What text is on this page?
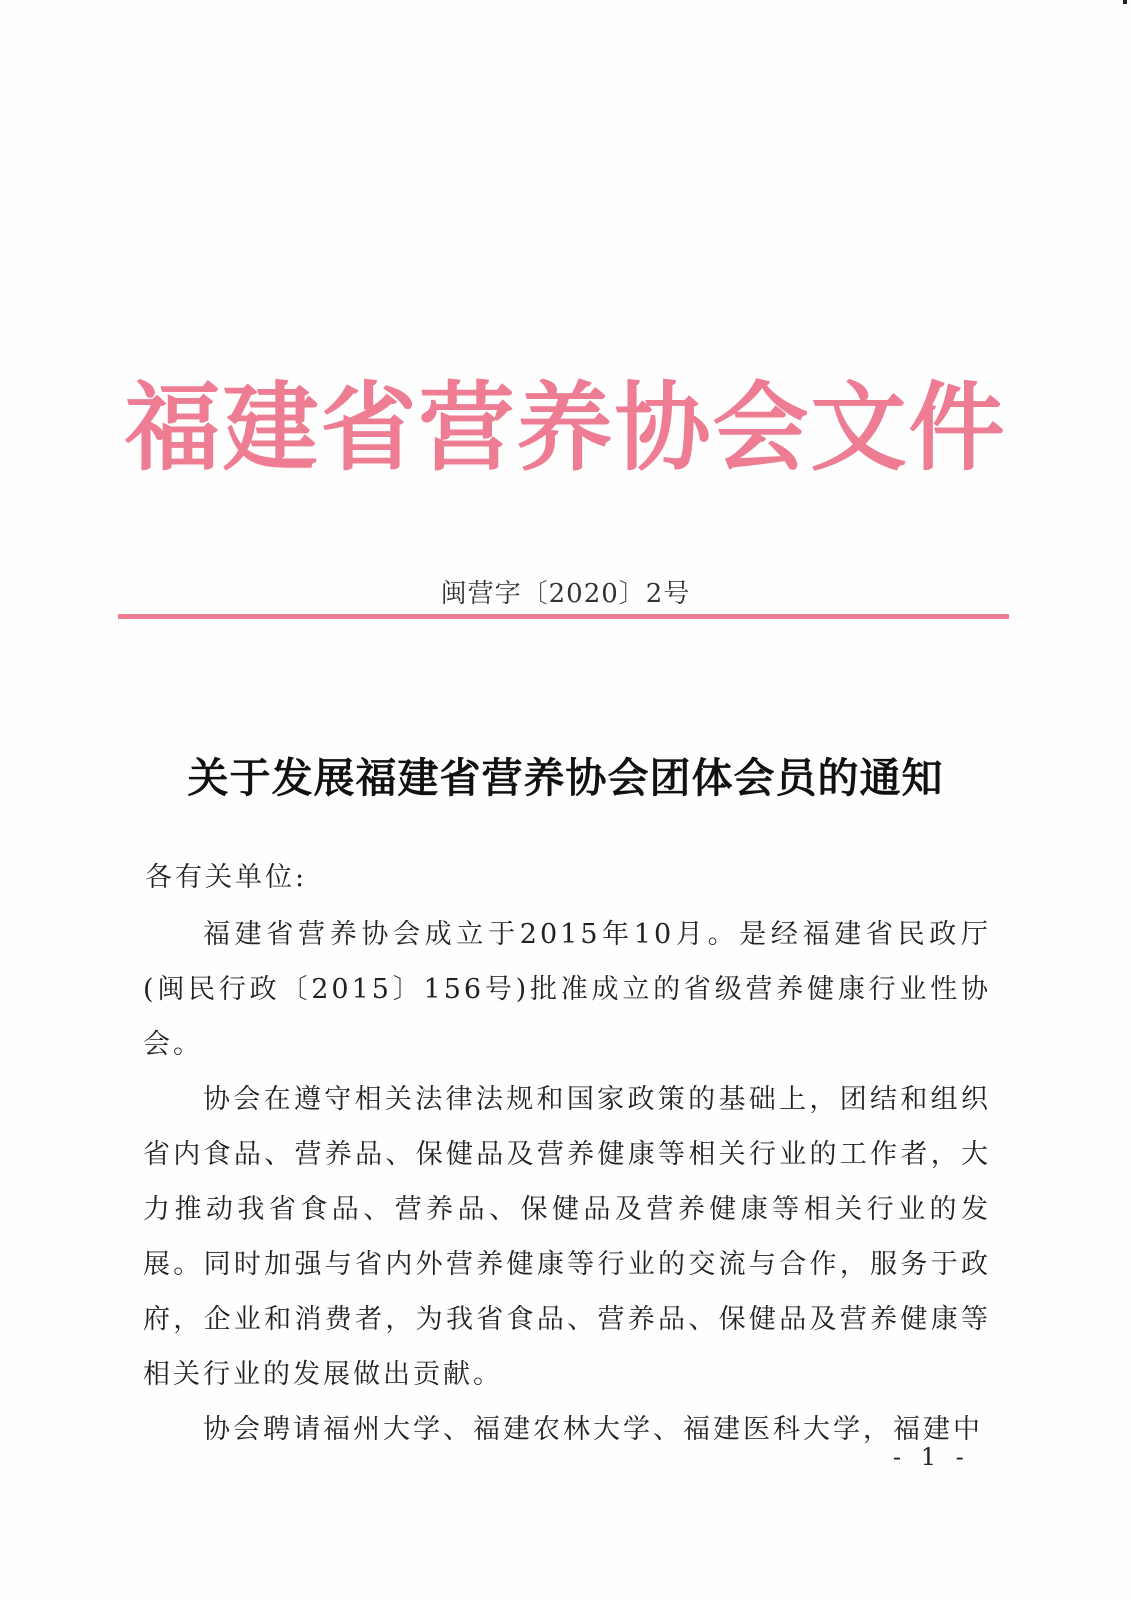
福建省营养协会文件
闽营字〔2020〕2号
关于发展福建省营养协会团体会员的通知
各有关单位:

福建省营养协会成立于2015年10月。是经福建省民政厅(闽民行政〔2015〕156号)批准成立的省级营养健康行业性协会。

协会在遵守相关法律法规和国家政策的基础上，团结和组织省内食品、营养品、保健品及营养健康等相关行业的工作者，大力推动我省食品、营养品、保健品及营养健康等相关行业的发展。同时加强与省内外营养健康等行业的交流与合作，服务于政府，企业和消费者，为我省食品、营养品、保健品及营养健康等相关行业的发展做出贡献。

协会聘请福州大学、福建农林大学、福建医科大学，福建中

- 1 -
